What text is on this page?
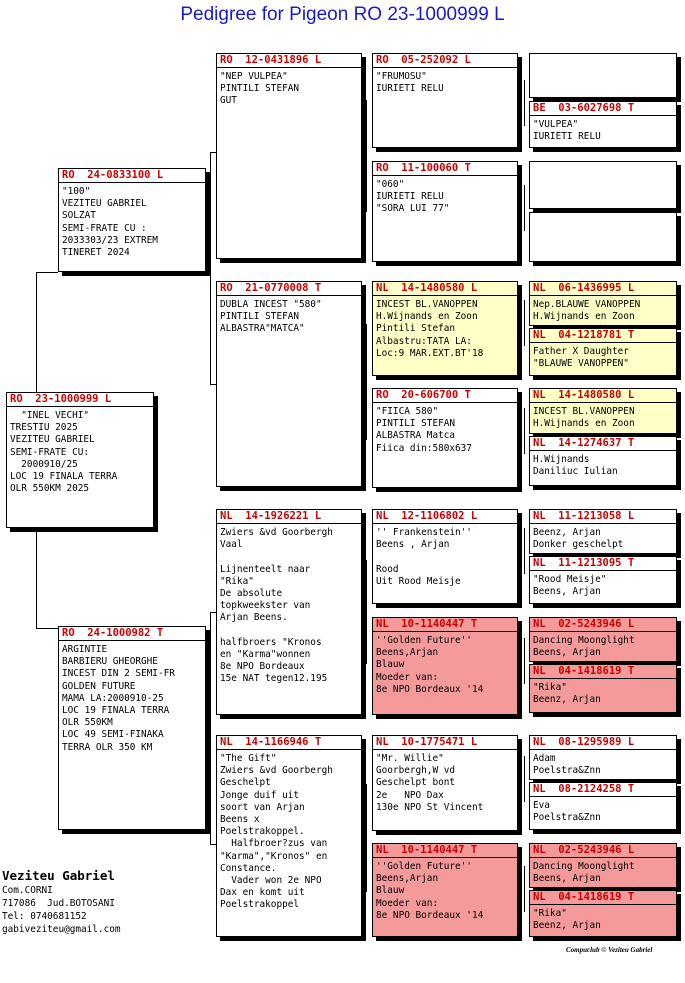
Pedigree for Pigeon RO 23-1000999 L
RO  23-1000999 L
"INEL VECHI"
TRESTIU 2025
VEZITEU GABRIEL
SEMI-FRATE CU:
2000910/25
LOC 19 FINALA TERRA
OLR 550KM 2025
RO  24-0833100 L
"100"
VEZITEU GABRIEL
SOLZAT
SEMI-FRATE CU :
2033303/23 EXTREM
TINERET 2024
RO  24-1000982 T
ARGINTIE
BARBIERU GHEORGHE
INCEST DIN 2 SEMI-FR
GOLDEN FUTURE
MAMA LA:2000910-25
LOC 19 FINALA TERRA
OLR 550KM
LOC 49 SEMI-FINAKA
TERRA OLR 350 KM
RO  12-0431896 L
"NEP VULPEA"
PINTILI STEFAN
GUT
RO  21-0770008 T
DUBLA INCEST "580"
PINTILI STEFAN
ALBASTRA"MATCA"
NL  14-1926221 L
Zwiers &vd Goorbergh
Vaal

Lijnenteelt naar
"Rika"
De absolute
topkweekster van
Arjan Beens.

halfbroers "Kronos
en "Karma"wonnen
8e NPO Bordeaux
15e NAT tegen12.195
NL  14-1166946 T
"The Gift"
Zwiers &vd Goorbergh
Geschelpt
Jonge duif uit
soort van Arjan
Beens x
Poelstrakoppel.
Halfbroer?zus van
"Karma","Kronos" en
Constance.
Vader won 2e NPO
Dax en komt uit
Poelstrakoppel
RO  05-252092 L
"FRUMOSU"
IURIETI RELU
RO  11-100060 T
"060"
IURIETI RELU
"SORA LUI 77"
NL  14-1480580 L
INCEST BL.VANOPPEN
H.Wijnands en Zoon
Pintili Stefan
Albastru:TATA LA:
Loc:9 MAR.EXT.BT'18
RO  20-606700 T
"FIICA 580"
PINTILI STEFAN
ALBASTRA Matca
Fiica din:580x637
NL  12-1106802 L
'' Frankenstein''
Beens , Arjan

Rood
Uit Rood Meisje
NL  10-1140447 T
''Golden Future''
Beens,Arjan
Blauw
Moeder van:
8e NPO Bordeaux '14
NL  10-1775471 L
"Mr. Willie"
Goorbergh,W vd
Geschelpt bont
2e   NPO Dax
130e NPO St Vincent
NL  10-1140447 T
''Golden Future''
Beens,Arjan
Blauw
Moeder van:
8e NPO Bordeaux '14
BE  03-6027698 T
"VULPEA"
IURIETI RELU
NL  06-1436995 L
Nep.BLAUWE VANOPPEN
H.Wijnands en Zoon
NL  04-1218781 T
Father X Daughter
"BLAUWE VANOPPEN"
NL  14-1480580 L
INCEST BL.VANOPPEN
H.Wijnands en Zoon
NL  14-1274637 T
H.Wijnands
Daniliuc Iulian
NL  11-1213058 L
Beenz, Arjan
Donker geschelpt
NL  11-1213095 T
"Rood Meisje"
Beens, Arjan
NL  02-5243946 L
Dancing Moonglight
Beens, Arjan
NL  04-1418619 T
"Rika"
Beenz, Arjan
NL  08-1295989 L
Adam
Poelstra&Znn
NL  08-2124258 T
Eva
Poelstra&Znn
NL  02-5243946 L
Dancing Moonglight
Beens, Arjan
NL  04-1418619 T
"Rika"
Beenz, Arjan
Veziteu Gabriel
Com.CORNI
717086  Jud.BOTOSANI
Tel: 0740681152
gabiveziteu@gmail.com
Compuclub © Veziteu Gabriel
